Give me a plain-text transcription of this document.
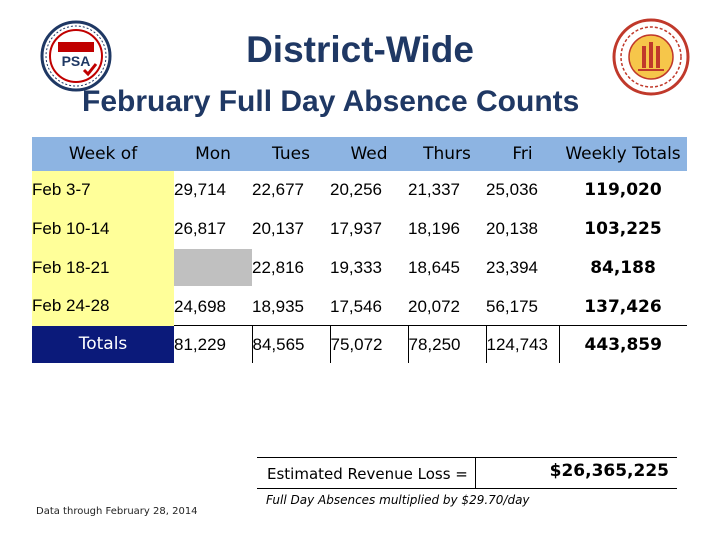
PSA	District-Wide
February Full Day Absence Counts
Week of	Mon	Tues	Wed	Thurs	Fri	Weekly Totals
Feb 3-7	29,714	22,677	20,256	21,337	25,036	119,020
Feb 10-14	26,817	20,137	17,937	18,196	20,138	103,225
Feb 18-21		22,816	19,333	18,645	23,394	84,188
Feb 24-28	24,698	18,935	17,546	20,072	56,175	137,426
Totals	81,229	84,565	75,072	78,250	124,743	443,859
Estimated Revenue Loss =	$26,365,225
Full Day Absences multiplied by $29.70/day
Data through February 28, 2014
